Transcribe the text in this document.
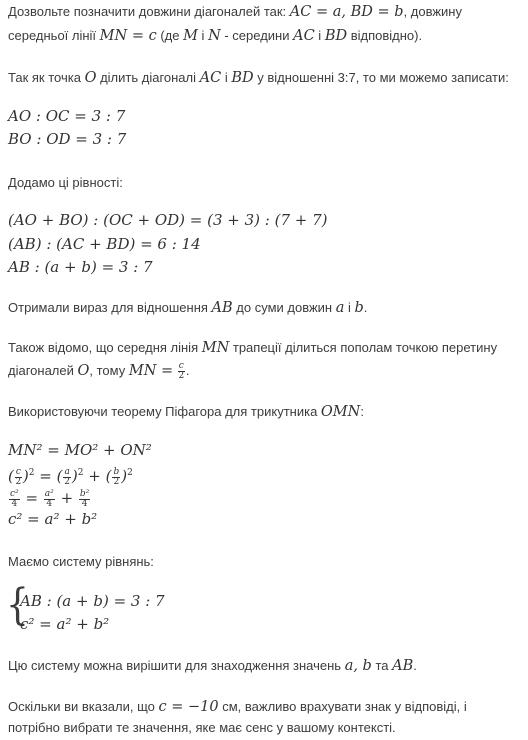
Дозвольте позначити довжини діагоналей так: AC = a, BD = b, довжину
середньої лінії MN = c (де M і N - середини AC і BD відповідно).
Так як точка O ділить діагоналі AC і BD у відношенні 3:7, то ми можемо записати:
AO : OC = 3 : 7
BO : OD = 3 : 7
Додамо ці рівності:
(AO + BO) : (OC + OD) = (3 + 3) : (7 + 7)
(AB) : (AC + BD) = 6 : 14
AB : (a + b) = 3 : 7
Отримали вираз для відношення AB до суми довжин a і b.
Також відомо, що середня лінія MN трапеції ділиться пополам точкою перетину
діагоналей O, тому MN = $\frac{c}{2}$ .
Використовуючи теорему Піфагора для трикутника OMN:
MN² = MO² + ON²
( $\frac{c}{2} )^2$ = ( $\frac{a}{2} )^2$ + ( $\frac{b}{2} )^2$
$\frac{\text{c²}}{4} = \frac{\text{a²}}{4} + \frac{\text{b²}}{4}$
c² = a² + b²
Маємо систему рівнянь:
{
AB : (a + b) = 3 : 7
c² = a² + b²
Цю систему можна вирішити для знаходження значень a, b та AB.
Оскільки ви вказали, що c = −10 см, важливо врахувати знак у відповіді, і
потрібно вибрати те значення, яке має сенс у вашому контексті.
